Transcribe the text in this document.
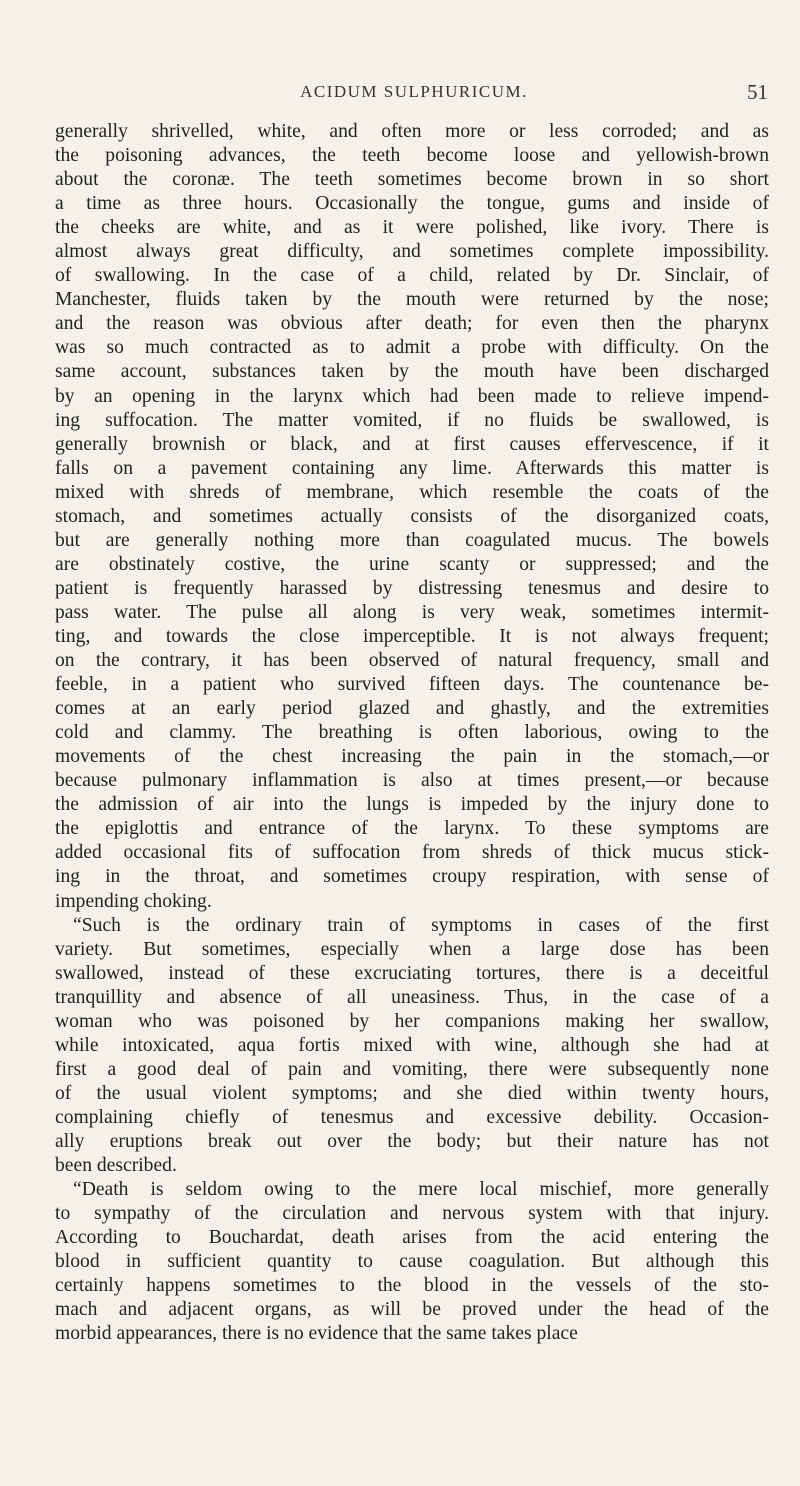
ACIDUM SULPHURICUM.	51
generally shrivelled, white, and often more or less corroded; and as
the poisoning advances, the teeth become loose and yellowish-brown
about the coronæ. The teeth sometimes become brown in so short
a time as three hours. Occasionally the tongue, gums and inside of
the cheeks are white, and as it were polished, like ivory. There is
almost always great difficulty, and sometimes complete impossibility.
of swallowing. In the case of a child, related by Dr. Sinclair, of
Manchester, fluids taken by the mouth were returned by the nose;
and the reason was obvious after death; for even then the pharynx
was so much contracted as to admit a probe with difficulty. On the
same account, substances taken by the mouth have been discharged
by an opening in the larynx which had been made to relieve impend-
ing suffocation. The matter vomited, if no fluids be swallowed, is
generally brownish or black, and at first causes effervescence, if it
falls on a pavement containing any lime. Afterwards this matter is
mixed with shreds of membrane, which resemble the coats of the
stomach, and sometimes actually consists of the disorganized coats,
but are generally nothing more than coagulated mucus. The bowels
are obstinately costive, the urine scanty or suppressed; and the
patient is frequently harassed by distressing tenesmus and desire to
pass water. The pulse all along is very weak, sometimes intermit-
ting, and towards the close imperceptible. It is not always frequent;
on the contrary, it has been observed of natural frequency, small and
feeble, in a patient who survived fifteen days. The countenance be-
comes at an early period glazed and ghastly, and the extremities
cold and clammy. The breathing is often laborious, owing to the
movements of the chest increasing the pain in the stomach,—or
because pulmonary inflammation is also at times present,—or because
the admission of air into the lungs is impeded by the injury done to
the epiglottis and entrance of the larynx. To these symptoms are
added occasional fits of suffocation from shreds of thick mucus stick-
ing in the throat, and sometimes croupy respiration, with sense of
impending choking.
“Such is the ordinary train of symptoms in cases of the first
variety. But sometimes, especially when a large dose has been
swallowed, instead of these excruciating tortures, there is a deceitful
tranquillity and absence of all uneasiness. Thus, in the case of a
woman who was poisoned by her companions making her swallow,
while intoxicated, aqua fortis mixed with wine, although she had at
first a good deal of pain and vomiting, there were subsequently none
of the usual violent symptoms; and she died within twenty hours,
complaining chiefly of tenesmus and excessive debility. Occasion-
ally eruptions break out over the body; but their nature has not
been described.
“Death is seldom owing to the mere local mischief, more generally
to sympathy of the circulation and nervous system with that injury.
According to Bouchardat, death arises from the acid entering the
blood in sufficient quantity to cause coagulation. But although this
certainly happens sometimes to the blood in the vessels of the sto-
mach and adjacent organs, as will be proved under the head of the
morbid appearances, there is no evidence that the same takes place
